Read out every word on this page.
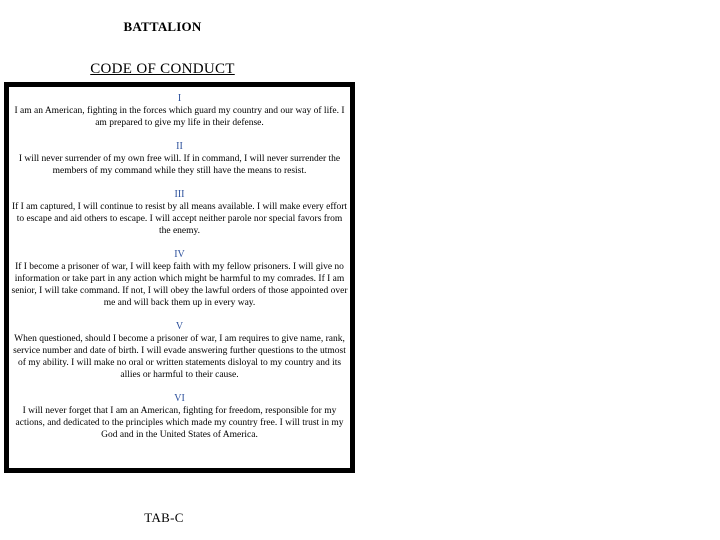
BATTALION
CODE OF CONDUCT
I
I am an American, fighting in the forces which guard my country and our way of life. I am prepared to give my life in their defense.
II
I will never surrender of my own free will. If in command, I will never surrender the members of my command while they still have the means to resist.
III
If I am captured, I will continue to resist by all means available. I will make every effort to escape and aid others to escape. I will accept neither parole nor special favors from the enemy.
IV
If I become a prisoner of war, I will keep faith with my fellow prisoners. I will give no information or take part in any action which might be harmful to my comrades. If I am senior, I will take command. If not, I will obey the lawful orders of those appointed over me and will back them up in every way.
V
When questioned, should I become a prisoner of war, I am requires to give name, rank, service number and date of birth. I will evade answering further questions to the utmost of my ability. I will make no oral or written statements disloyal to my country and its allies or harmful to their cause.
VI
I will never forget that I am an American, fighting for freedom, responsible for my actions, and dedicated to the principles which made my country free. I will trust in my God and in the United States of America.
TAB-C
